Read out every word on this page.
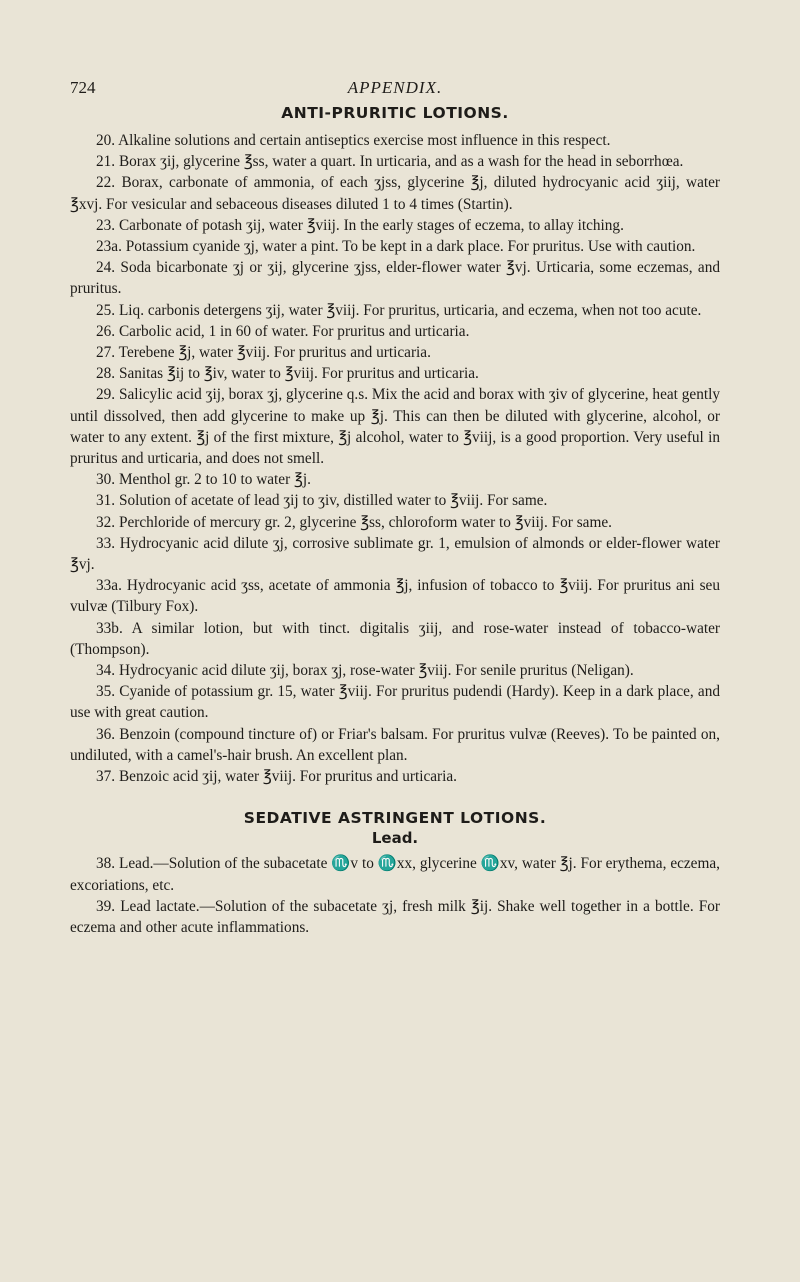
724	APPENDIX.
ANTI-PRURITIC LOTIONS.

20. Alkaline solutions and certain antiseptics exercise most influence in this respect.

21. Borax ʒij, glycerine ℥ss, water a quart. In urticaria, and as a wash for the head in seborrhœa.

22. Borax, carbonate of ammonia, of each ʒjss, glycerine ℥j, diluted hydrocyanic acid ʒiij, water ℥xvj. For vesicular and sebaceous diseases diluted 1 to 4 times (Startin).

23. Carbonate of potash ʒij, water ℥viij. In the early stages of eczema, to allay itching.

23a. Potassium cyanide ʒj, water a pint. To be kept in a dark place. For pruritus. Use with caution.

24. Soda bicarbonate ʒj or ʒij, glycerine ʒjss, elder-flower water ℥vj. Urticaria, some eczemas, and pruritus.

25. Liq. carbonis detergens ʒij, water ℥viij. For pruritus, urticaria, and eczema, when not too acute.

26. Carbolic acid, 1 in 60 of water. For pruritus and urticaria.

27. Terebene ℥j, water ℥viij. For pruritus and urticaria.

28. Sanitas ℥ij to ℥iv, water to ℥viij. For pruritus and urticaria.

29. Salicylic acid ʒij, borax ʒj, glycerine q.s. Mix the acid and borax with ʒiv of glycerine, heat gently until dissolved, then add glycerine to make up ℥j. This can then be diluted with glycerine, alcohol, or water to any extent. ℥j of the first mixture, ℥j alcohol, water to ℥viij, is a good proportion. Very useful in pruritus and urticaria, and does not smell.

30. Menthol gr. 2 to 10 to water ℥j.

31. Solution of acetate of lead ʒij to ʒiv, distilled water to ℥viij. For same.

32. Perchloride of mercury gr. 2, glycerine ℥ss, chloroform water to ℥viij. For same.

33. Hydrocyanic acid dilute ʒj, corrosive sublimate gr. 1, emulsion of almonds or elder-flower water ℥vj.

33a. Hydrocyanic acid ʒss, acetate of ammonia ℥j, infusion of tobacco to ℥viij. For pruritus ani seu vulvæ (Tilbury Fox).

33b. A similar lotion, but with tinct. digitalis ʒiij, and rose-water instead of tobacco-water (Thompson).

34. Hydrocyanic acid dilute ʒij, borax ʒj, rose-water ℥viij. For senile pruritus (Neligan).

35. Cyanide of potassium gr. 15, water ℥viij. For pruritus pudendi (Hardy). Keep in a dark place, and use with great caution.

36. Benzoin (compound tincture of) or Friar's balsam. For pruritus vulvæ (Reeves). To be painted on, undiluted, with a camel's-hair brush. An excellent plan.

37. Benzoic acid ʒij, water ℥viij. For pruritus and urticaria.

SEDATIVE ASTRINGENT LOTIONS.
Lead.

38. Lead.—Solution of the subacetate ♏v to ♏xx, glycerine ♏xv, water ℥j. For erythema, eczema, excoriations, etc.

39. Lead lactate.—Solution of the subacetate ʒj, fresh milk ℥ij. Shake well together in a bottle. For eczema and other acute inflammations.
